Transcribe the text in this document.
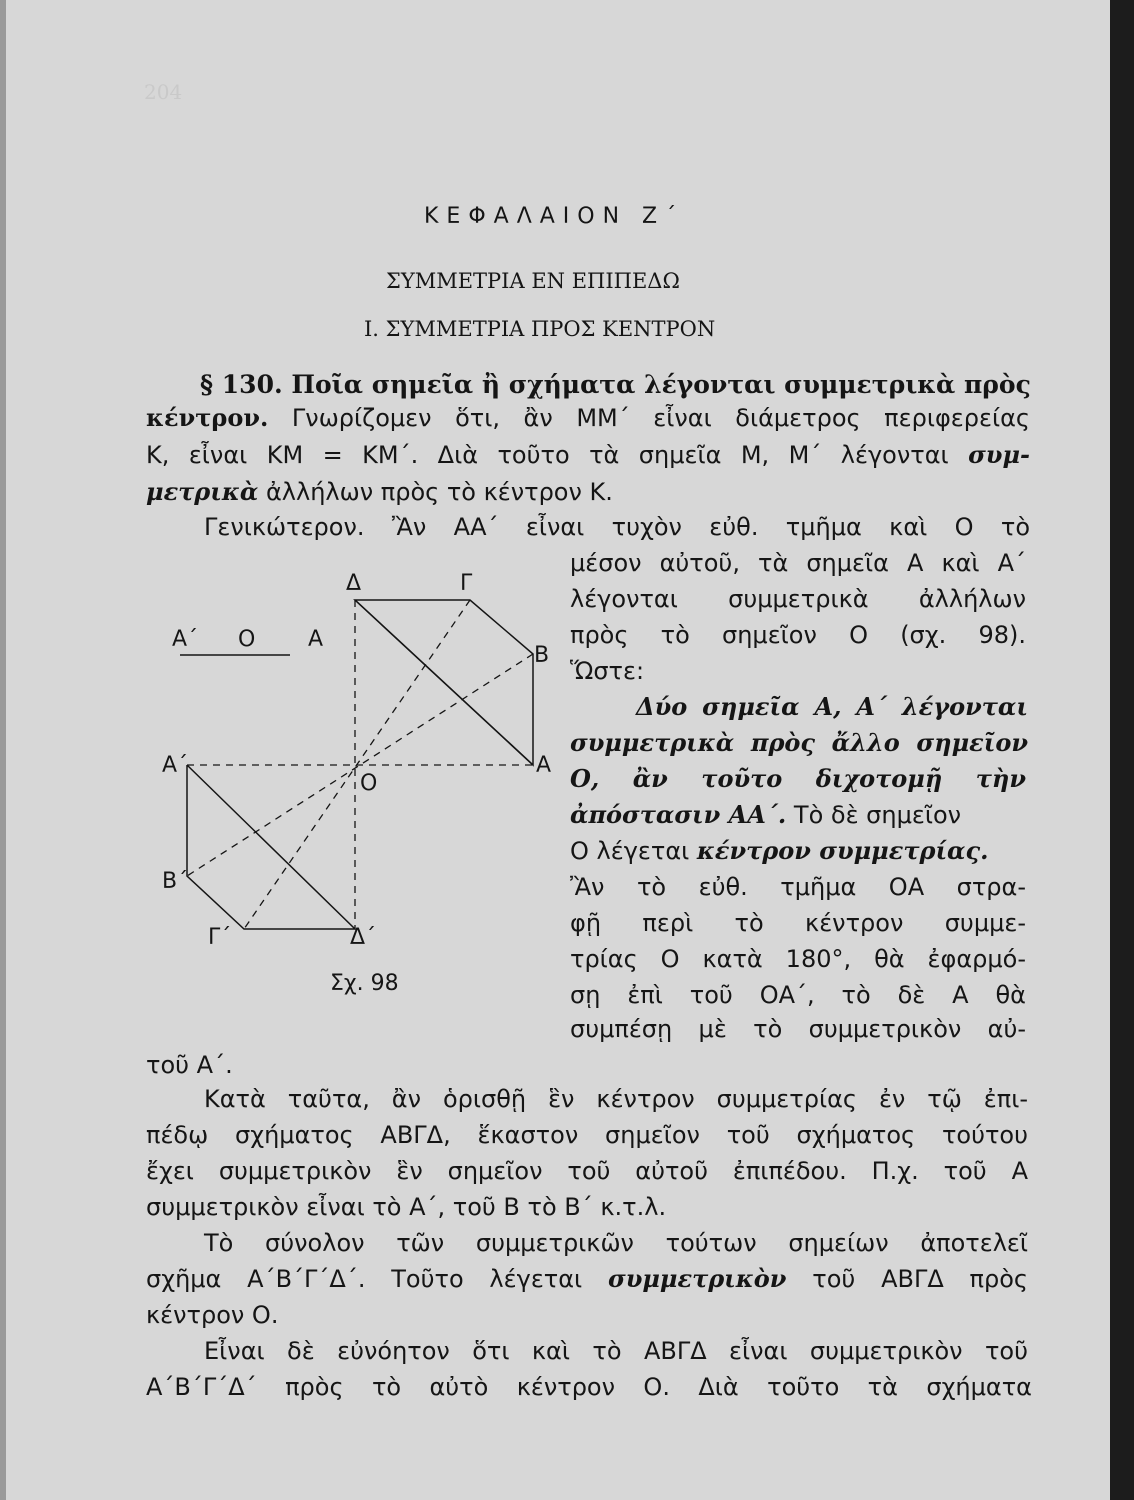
204
ΚΕΦΑΛΑΙΟΝ Ζ΄
ΣΥΜΜΕΤΡΙΑ ΕΝ ΕΠΙΠΕΔΩ
Ι. ΣΥΜΜΕΤΡΙΑ ΠΡΟΣ ΚΕΝΤΡΟΝ
§ 130. Ποῖα σημεῖα ἢ σχήματα λέγονται συμμετρικὰ πρὸς
κέντρον. Γνωρίζομεν ὅτι, ἂν ΜΜ΄ εἶναι διάμετρος περιφερείας
Κ, εἶναι ΚΜ = ΚΜ΄. Διὰ τοῦτο τὰ σημεῖα Μ, Μ΄ λέγονται συμ-
μετρικὰ ἀλλήλων πρὸς τὸ κέντρον Κ.
Γενικώτερον. Ἂν ΑΑ΄ εἶναι τυχὸν εὐθ. τμῆμα καὶ Ο τὸ
μέσον αὐτοῦ, τὰ σημεῖα Α καὶ Α΄
λέγονται συμμετρικὰ ἀλλήλων
πρὸς τὸ σημεῖον Ο (σχ. 98).
Ὥστε:
Δύο σημεῖα Α, Α΄ λέγονται
συμμετρικὰ πρὸς ἄλλο σημεῖον
Ο, ἂν τοῦτο διχοτομῇ τὴν
ἀπόστασιν ΑΑ΄. Τὸ δὲ σημεῖον
Ο λέγεται κέντρον συμμετρίας.
Ἂν τὸ εὐθ. τμῆμα ΟΑ στρα-
φῇ περὶ τὸ κέντρον συμμε-
τρίας Ο κατὰ 180°, θὰ ἐφαρμό-
σῃ ἐπὶ τοῦ ΟΑ΄, τὸ δὲ Α θὰ
συμπέσῃ μὲ τὸ συμμετρικὸν αὐ-
τοῦ Α΄.
Κατὰ ταῦτα, ἂν ὁρισθῇ ἓν κέντρον συμμετρίας ἐν τῷ ἐπι-
πέδῳ σχήματος ΑΒΓΔ, ἕκαστον σημεῖον τοῦ σχήματος τούτου
ἔχει συμμετρικὸν ἓν σημεῖον τοῦ αὐτοῦ ἐπιπέδου. Π.χ. τοῦ Α
συμμετρικὸν εἶναι τὸ Α΄, τοῦ Β τὸ Β΄ κ.τ.λ.
Τὸ σύνολον τῶν συμμετρικῶν τούτων σημείων ἀποτελεῖ
σχῆμα Α΄Β΄Γ΄Δ΄. Τοῦτο λέγεται συμμετρικὸν τοῦ ΑΒΓΔ πρὸς
κέντρον Ο.
Εἶναι δὲ εὐνόητον ὅτι καὶ τὸ ΑΒΓΔ εἶναι συμμετρικὸν τοῦ
Α΄Β΄Γ΄Δ΄ πρὸς τὸ αὐτὸ κέντρον Ο. Διὰ τοῦτο τὰ σχήματα
Α΄ Ο Α
Δ	Γ
Β
Α
Ο
Α΄
Β΄
Γ΄	Δ΄
Σχ. 98
